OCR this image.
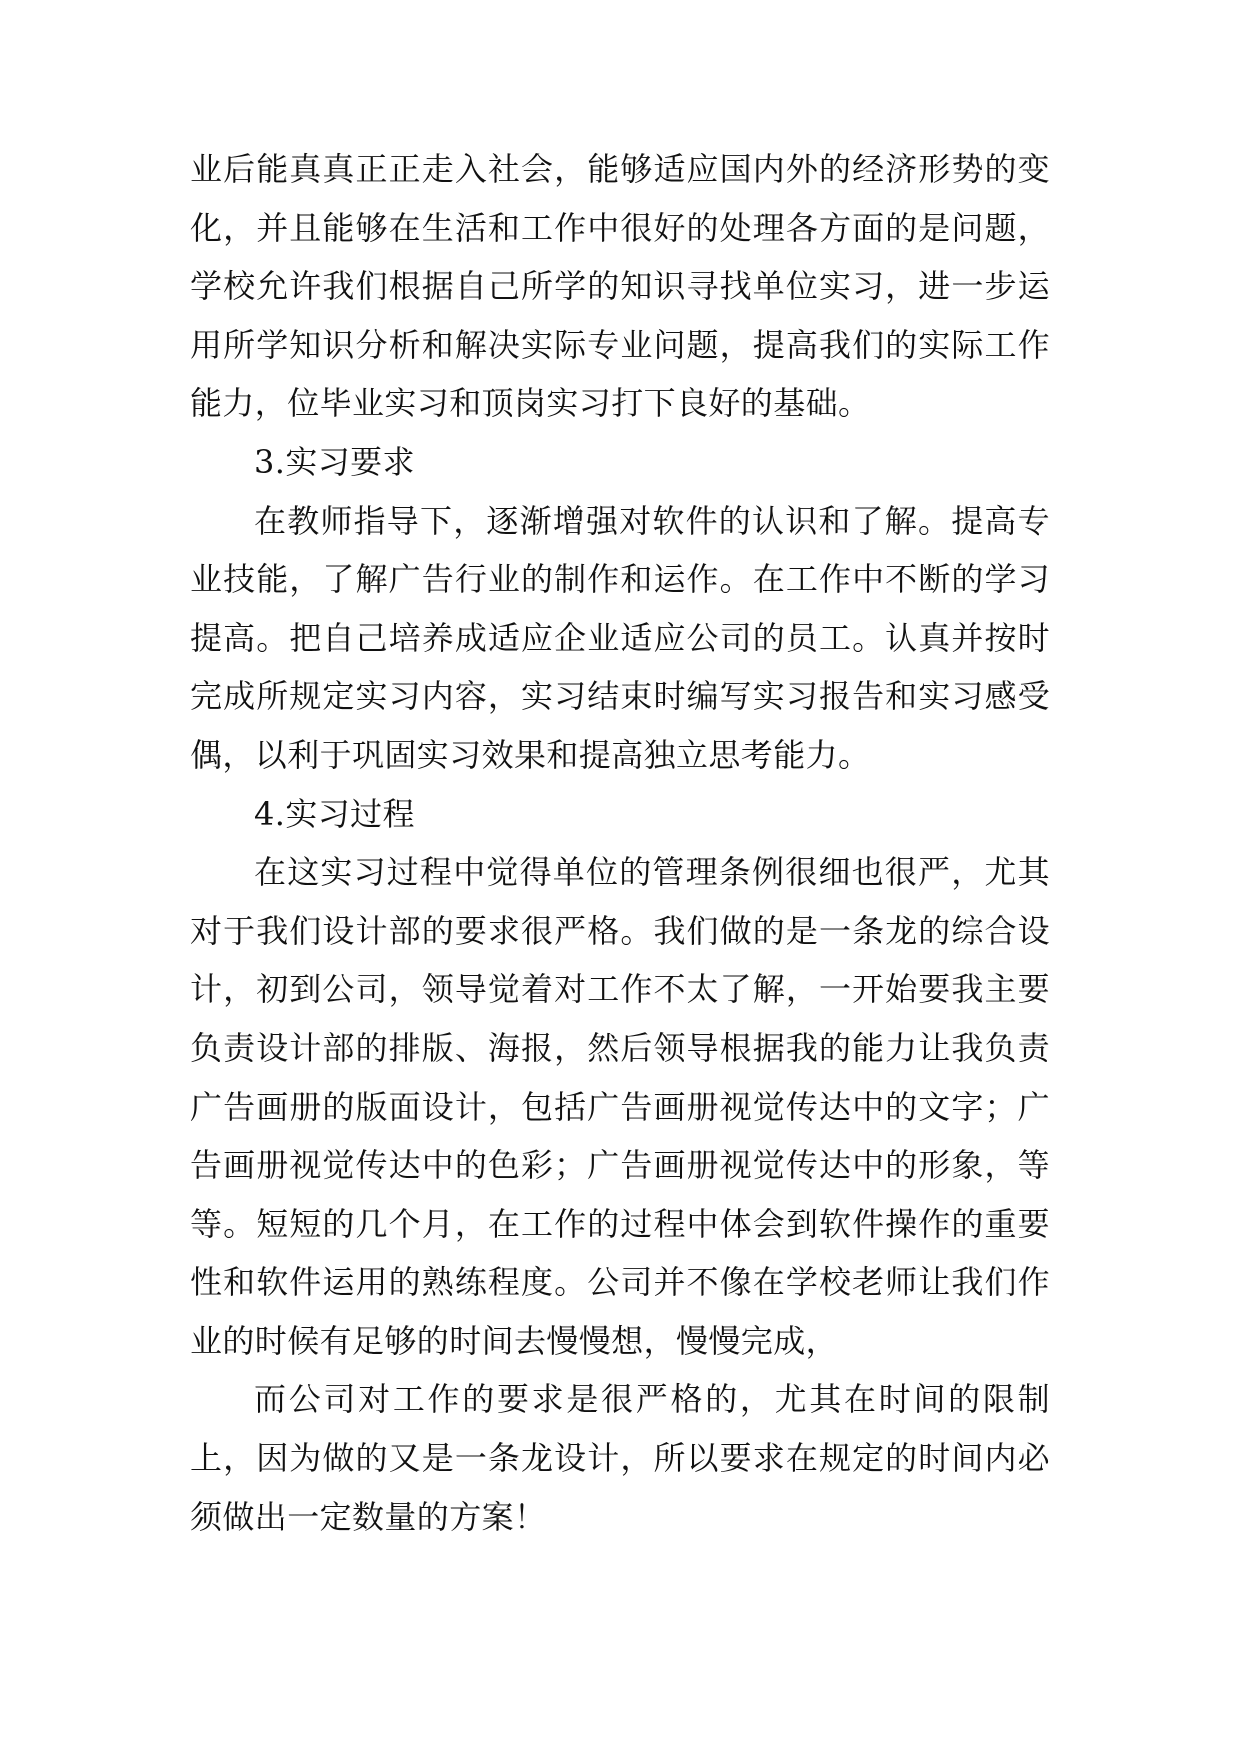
业后能真真正正走入社会，能够适应国内外的经济形势的变化，并且能够在生活和工作中很好的处理各方面的是问题，学校允许我们根据自己所学的知识寻找单位实习，进一步运用所学知识分析和解决实际专业问题，提高我们的实际工作能力，位毕业实习和顶岗实习打下良好的基础。

3.实习要求

在教师指导下，逐渐增强对软件的认识和了解。提高专业技能，了解广告行业的制作和运作。在工作中不断的学习提高。把自己培养成适应企业适应公司的员工。认真并按时完成所规定实习内容，实习结束时编写实习报告和实习感受偶，以利于巩固实习效果和提高独立思考能力。

4.实习过程

在这实习过程中觉得单位的管理条例很细也很严，尤其对于我们设计部的要求很严格。我们做的是一条龙的综合设计，初到公司，领导觉着对工作不太了解，一开始要我主要负责设计部的排版、海报，然后领导根据我的能力让我负责广告画册的版面设计，包括广告画册视觉传达中的文字；广告画册视觉传达中的色彩；广告画册视觉传达中的形象，等等。短短的几个月，在工作的过程中体会到软件操作的重要性和软件运用的熟练程度。公司并不像在学校老师让我们作业的时候有足够的时间去慢慢想，慢慢完成，

而公司对工作的要求是很严格的，尤其在时间的限制上，因为做的又是一条龙设计，所以要求在规定的时间内必须做出一定数量的方案！
